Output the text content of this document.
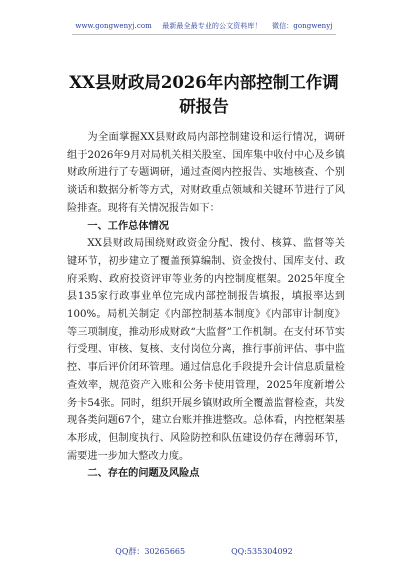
www.gongwenyj.com 最新最全最专业的公文资料库！ 微信：gongwenyj
XX县财政局2026年内部控制工作调研报告

为全面掌握XX县财政局内部控制建设和运行情况，调研组于2026年9月对局机关相关股室、国库集中收付中心及乡镇财政所进行了专题调研，通过查阅内控报告、实地核查、个别谈话和数据分析等方式，对财政重点领域和关键环节进行了风险排查。现将有关情况报告如下：

一、工作总体情况

XX县财政局围绕财政资金分配、拨付、核算、监督等关键环节，初步建立了覆盖预算编制、资金拨付、国库支付、政府采购、政府投资评审等业务的内控制度框架。2025年度全县135家行政事业单位完成内部控制报告填报，填报率达到100%。局机关制定《内部控制基本制度》《内部审计制度》等三项制度，推动形成财政“大监督”工作机制。在支付环节实行受理、审核、复核、支付岗位分离，推行事前评估、事中监控、事后评价闭环管理。通过信息化手段提升会计信息质量检查效率，规范资产入账和公务卡使用管理，2025年度新增公务卡54张。同时，组织开展乡镇财政所全覆盖监督检查，共发现各类问题67个，建立台账并推进整改。总体看，内控框架基本形成，但制度执行、风险防控和队伍建设仍存在薄弱环节，需要进一步加大整改力度。

二、存在的问题及风险点
QQ群：30265665	QQ:535304092
